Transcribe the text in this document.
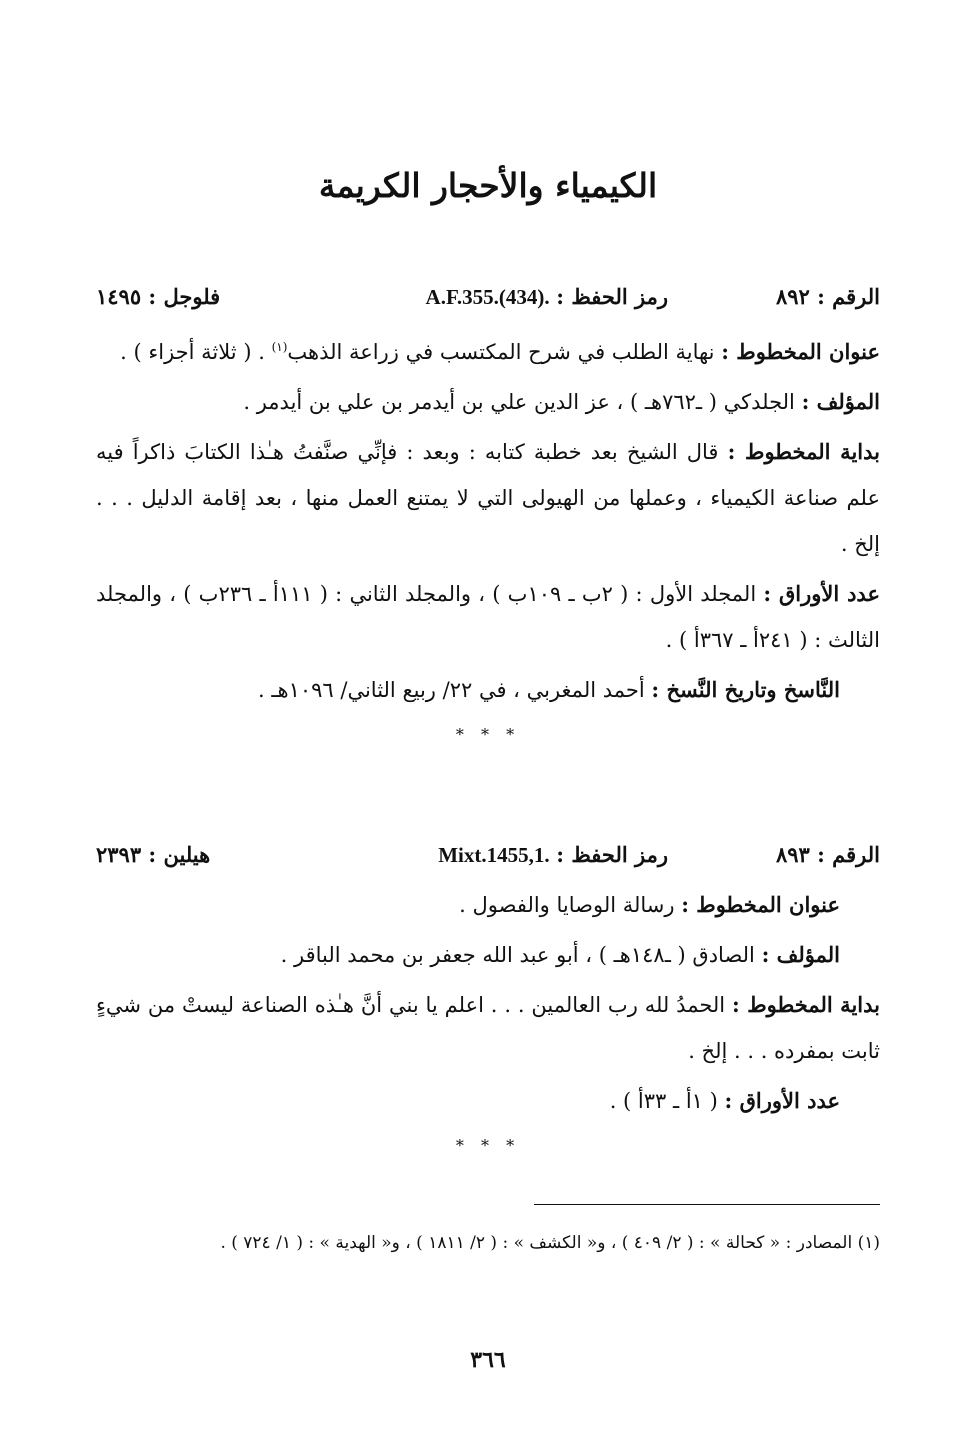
الكيمياء والأحجار الكريمة
الرقم : ٨٩٢
رمز الحفظ : A.F.355.(434).
فلوجل : ١٤٩٥

عنوان المخطوط : نهاية الطلب في شرح المكتسب في زراعة الذهب$^{(١)}$ . ( ثلاثة أجزاء ) .

المؤلف : الجلدكي ( ـ٧٦٢هـ ) ، عز الدين علي بن أيدمر بن علي بن أيدمر .

بداية المخطوط : قال الشيخ بعد خطبة كتابه : وبعد : فإنِّي صنَّفتُ هـٰذا الكتابَ ذاكراً فيه علم صناعة الكيمياء ، وعملها من الهيولى التي لا يمتنع العمل منها ، بعد إقامة الدليل . . . إلخ .

عدد الأوراق : المجلد الأول : ( ٢ب ـ ١٠٩ب ) ، والمجلد الثاني : ( ١١١أ ـ ٢٣٦ب ) ، والمجلد الثالث : ( ٢٤١أ ـ ٣٦٧أ ) .

النَّاسخ وتاريخ النَّسخ : أحمد المغربي ، في ٢٢/ ربيع الثاني/ ١٠٩٦هـ .

* * *
الرقم : ٨٩٣
رمز الحفظ : Mixt.1455,1.
هيلين : ٢٣٩٣

عنوان المخطوط : رسالة الوصايا والفصول .

المؤلف : الصادق ( ـ١٤٨هـ ) ، أبو عبد الله جعفر بن محمد الباقر .

بداية المخطوط : الحمدُ لله رب العالمين . . . اعلم يا بني أنَّ هـٰذه الصناعة ليستْ من شيءٍ ثابت بمفرده . . . إلخ .

عدد الأوراق : ( ١أ ـ ٣٣أ ) .

* * *
(١) المصادر : « كحالة » : ( ٢/ ٤٠٩ ) ، و« الكشف » : ( ٢/ ١٨١١ ) ، و« الهدية » : ( ١/ ٧٢٤ ) .
٣٦٦
